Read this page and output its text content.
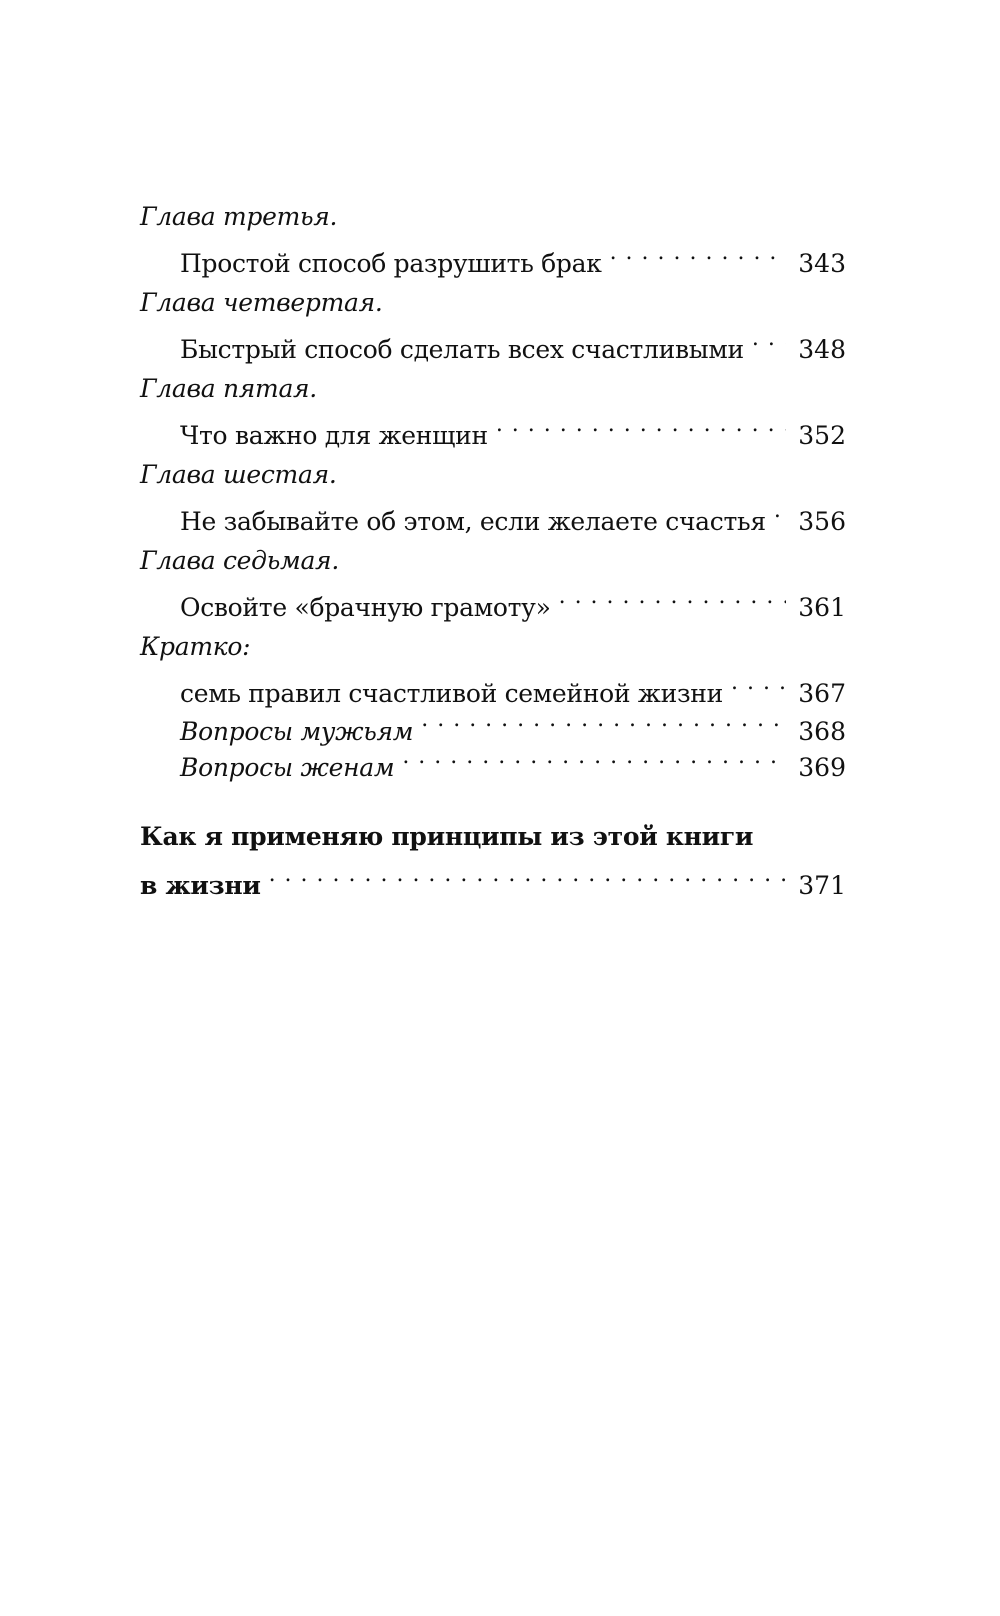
Глава третья.
Простой способ разрушить брак . . .	343
Глава четвертая.
Быстрый способ сделать всех счастливыми . . . 348
Глава пятая.
Что важно для женщин . . .	352
Глава шестая.
Не забывайте об этом, если желаете счастья . . . 356
Глава седьмая.
Освойте «брачную грамоту» . . .	361
Кратко:
семь правил счастливой семейной жизни . . .	367
Вопросы мужьям . . .	368
Вопросы женам . . .	369
Как я применяю принципы из этой книги
в жизни . . .	371
